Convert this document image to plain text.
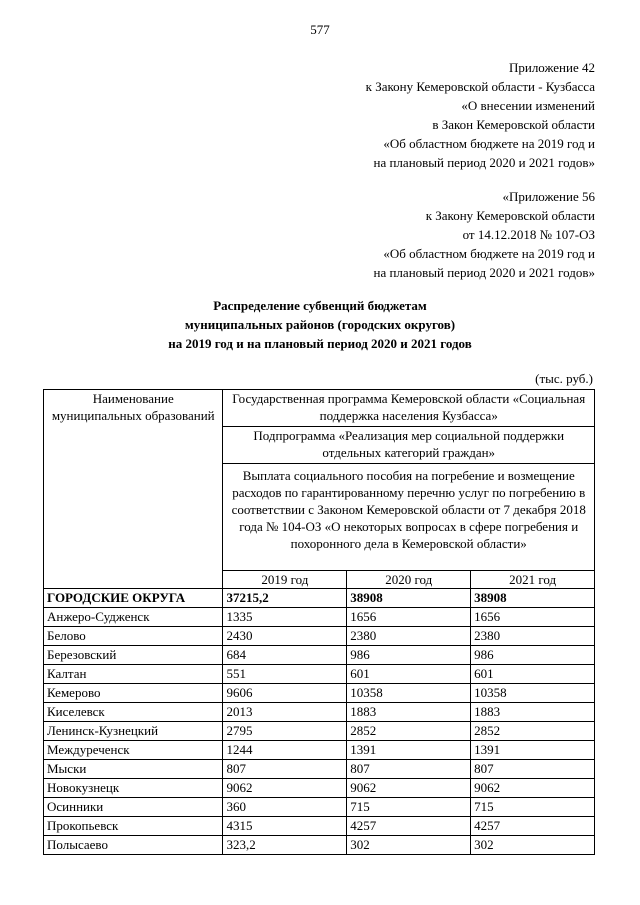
577
Приложение 42
к Закону Кемеровской области - Кузбасса
«О внесении изменений
в Закон Кемеровской области
«Об областном бюджете на 2019 год и
на плановый период 2020 и 2021 годов»
«Приложение 56
к Закону Кемеровской области
от 14.12.2018 № 107-ОЗ
«Об областном бюджете на 2019 год и
на плановый период 2020 и 2021 годов»
Распределение субвенций бюджетам
муниципальных районов (городских округов)
на 2019 год и на плановый период 2020 и 2021 годов
(тыс. руб.)
Наименование муниципальных образований	Государственная программа Кемеровской области «Социальная поддержка населения Кузбасса»		
	Подпрограмма «Реализация мер социальной поддержки отдельных категорий граждан»		
	Выплата социального пособия на погребение и возмещение расходов по гарантированному перечню услуг по погребению в соответствии с Законом Кемеровской области от 7 декабря 2018 года № 104-ОЗ «О некоторых вопросах в сфере погребения и похоронного дела в Кемеровской области»		
	2019 год	2020 год	2021 год
ГОРОДСКИЕ ОКРУГА	37215,2	38908	38908
Анжеро-Судженск	1335	1656	1656
Белово	2430	2380	2380
Березовский	684	986	986
Калтан	551	601	601
Кемерово	9606	10358	10358
Киселевск	2013	1883	1883
Ленинск-Кузнецкий	2795	2852	2852
Междуреченск	1244	1391	1391
Мыски	807	807	807
Новокузнецк	9062	9062	9062
Осинники	360	715	715
Прокопьевск	4315	4257	4257
Полысаево	323,2	302	302
